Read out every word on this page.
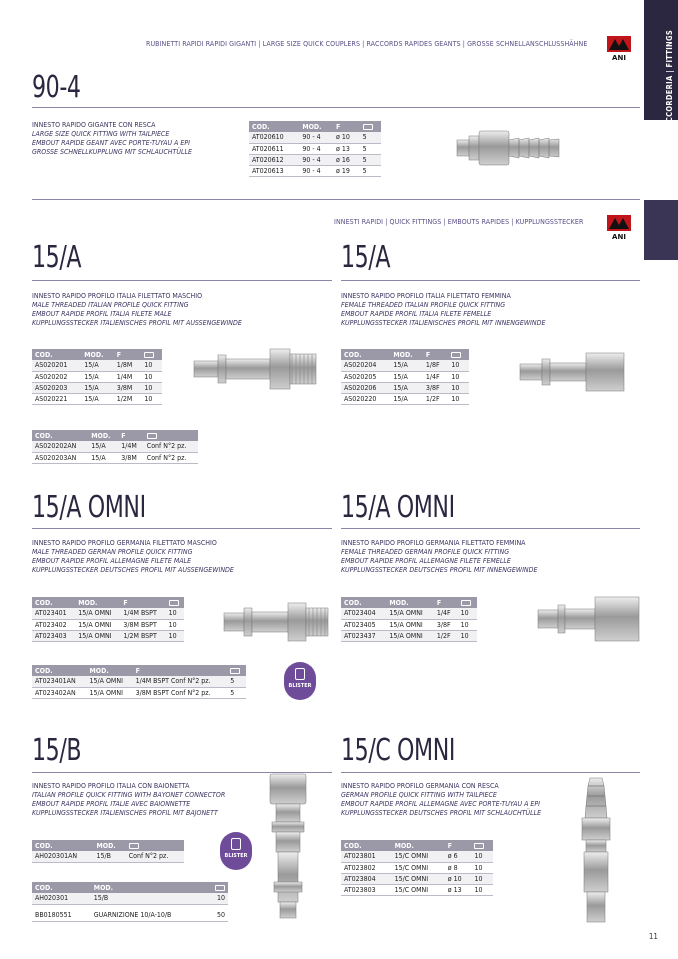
RACCORDERIA | FITTINGS
RUBINETTI RAPIDI RAPIDI GIGANTI | LARGE SIZE QUICK COUPLERS | RACCORDS RAPIDES GEANTS | GROSSE SCHNELLANSCHLUSSHÄHNE
ANI
90-4
INNESTO RAPIDO GIGANTE CON RESCA
LARGE SIZE QUICK FITTING WITH TAILPIECE
EMBOUT RAPIDE GEANT AVEC PORTE-TUYAU A EPI
GROSSE SCHNELLKUPPLUNG MIT SCHLAUCHTÜLLE
COD.	MOD.	F	
AT020610	90 - 4	ø 10	5
AT020611	90 - 4	ø 13	5
AT020612	90 - 4	ø 16	5
AT020613	90 - 4	ø 19	5
INNESTI RAPIDI | QUICK FITTINGS | EMBOUTS RAPIDES | KUPPLUNGSSTECKER
ANI
15/A
INNESTO RAPIDO PROFILO ITALIA FILETTATO MASCHIO
MALE THREADED ITALIAN PROFILE QUICK FITTING
EMBOUT RAPIDE PROFIL ITALIA FILETE MALE
KUPPLUNGSSTECKER ITALIENISCHES PROFIL MIT AUSSENGEWINDE
COD.	MOD.	F	
AS020201	15/A	1/8M	10
AS020202	15/A	1/4M	10
AS020203	15/A	3/8M	10
AS020221	15/A	1/2M	10
COD.	MOD.	F	
AS020202AN	15/A	1/4M	Conf N°2 pz.
AS020203AN	15/A	3/8M	Conf N°2 pz.
15/A
INNESTO RAPIDO PROFILO ITALIA FILETTATO FEMMINA
FEMALE THREADED ITALIAN PROFILE QUICK FITTING
EMBOUT RAPIDE PROFIL ITALIA FILETE FEMELLE
KUPPLUNGSSTECKER ITALIENISCHES PROFIL MIT INNENGEWINDE
COD.	MOD.	F	
AS020204	15/A	1/8F	10
AS020205	15/A	1/4F	10
AS020206	15/A	3/8F	10
AS020220	15/A	1/2F	10
15/A OMNI
INNESTO RAPIDO PROFILO GERMANIA FILETTATO MASCHIO
MALE THREADED GERMAN PROFILE QUICK FITTING
EMBOUT RAPIDE PROFIL ALLEMAGNE FILETE MALE
KUPPLUNGSSTECKER DEUTSCHES PROFIL MIT AUSSENGEWINDE
COD.	MOD.	F	
AT023401	15/A OMNI	1/4M BSPT	10
AT023402	15/A OMNI	3/8M BSPT	10
AT023403	15/A OMNI	1/2M BSPT	10
COD.	MOD.	F	
AT023401AN	15/A OMNI	1/4M BSPT Conf N°2 pz.	5
AT023402AN	15/A OMNI	3/8M BSPT Conf N°2 pz.	5
BLISTER
15/A OMNI
INNESTO RAPIDO PROFILO GERMANIA FILETTATO FEMMINA
FEMALE THREADED GERMAN PROFILE QUICK FITTING
EMBOUT RAPIDE PROFIL ALLEMAGNE FILETE FEMELLE
KUPPLUNGSSTECKER DEUTSCHES PROFIL MIT INNENGEWINDE
COD.	MOD.	F	
AT023404	15/A OMNI	1/4F	10
AT023405	15/A OMNI	3/8F	10
AT023437	15/A OMNI	1/2F	10
15/B
INNESTO RAPIDO PROFILO ITALIA CON BAIONETTA
ITALIAN PROFILE QUICK FITTING WITH BAYONET CONNECTOR
EMBOUT RAPIDE PROFIL ITALIE AVEC BAIONNETTE
KUPPLUNGSSTECKER ITALIENISCHES PROFIL MIT BAJONETT
COD.	MOD.	
AH020301AN	15/B	Conf N°2 pz.
COD.	MOD.	
AH020301	15/B	10

BB0180551	GUARNIZIONE 10/A-10/B	50
BLISTER
15/C OMNI
INNESTO RAPIDO PROFILO GERMANIA CON RESCA
GERMAN PROFILE QUICK FITTING WITH TAILPIECE
EMBOUT RAPIDE PROFIL ALLEMAGNE AVEC PORTE-TUYAU A EPI
KUPPLUNGSSTECKER DEUTSCHES PROFIL MIT SCHLAUCHTÜLLE
COD.	MOD.	F	
AT023801	15/C OMNI	ø 6	10
AT023802	15/C OMNI	ø 8	10
AT023804	15/C OMNI	ø 10	10
AT023803	15/C OMNI	ø 13	10
11
